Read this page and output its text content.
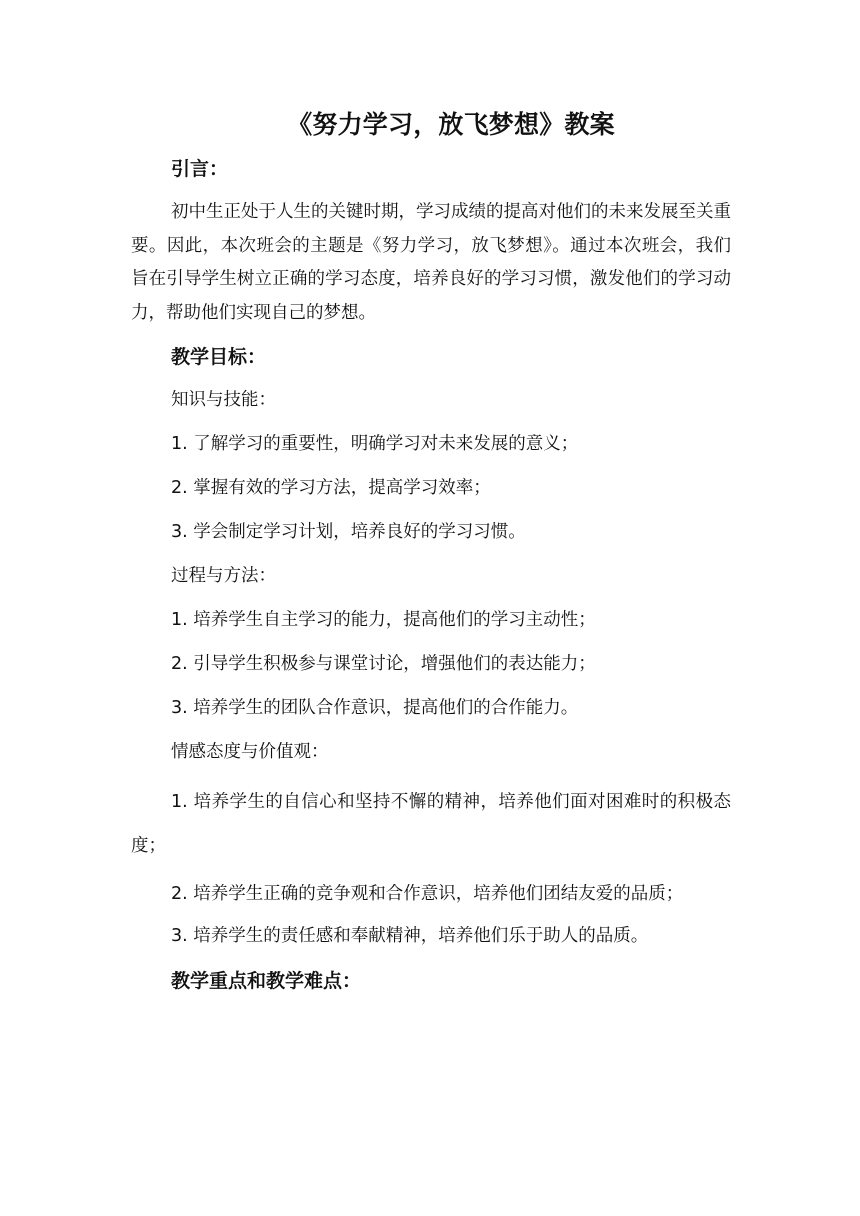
《努力学习，放飞梦想》教案
引言：
初中生正处于人生的关键时期，学习成绩的提高对他们的未来发展至关重要。因此，本次班会的主题是《努力学习，放飞梦想》。通过本次班会，我们旨在引导学生树立正确的学习态度，培养良好的学习习惯，激发他们的学习动力，帮助他们实现自己的梦想。
教学目标：
知识与技能：
1. 了解学习的重要性，明确学习对未来发展的意义；
2. 掌握有效的学习方法，提高学习效率；
3. 学会制定学习计划，培养良好的学习习惯。
过程与方法：
1. 培养学生自主学习的能力，提高他们的学习主动性；
2. 引导学生积极参与课堂讨论，增强他们的表达能力；
3. 培养学生的团队合作意识，提高他们的合作能力。
情感态度与价值观：
1. 培养学生的自信心和坚持不懈的精神，培养他们面对困难时的积极态度；
2. 培养学生正确的竞争观和合作意识，培养他们团结友爱的品质；
3. 培养学生的责任感和奉献精神，培养他们乐于助人的品质。
教学重点和教学难点：
